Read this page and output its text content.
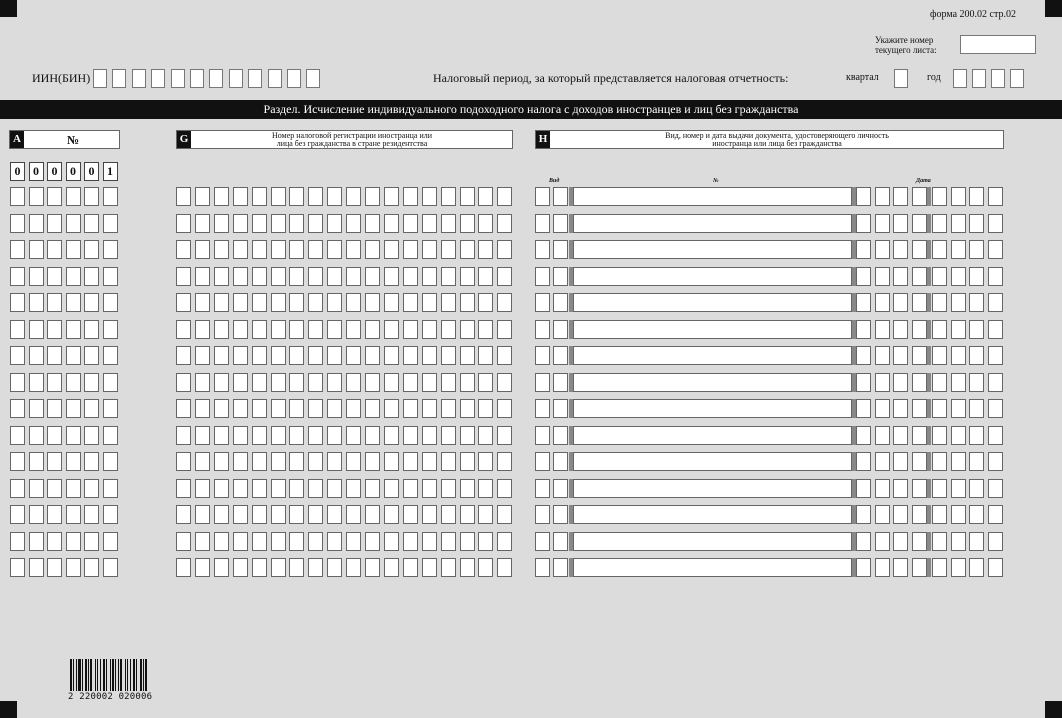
форма 200.02 стр.02
Укажите номер
текущего листа:
ИИН(БИН)	Налоговый период, за который представляется налоговая отчетность:	квартал	год
Раздел. Исчисление индивидуального подоходного налога с доходов иностранцев и лиц без гражданства
A	№	G	Номер налоговой регистрации иностранца или
лица без гражданства в стране резидентства	H	Вид, номер и дата выдачи документа, удостоверяющего личность
иностранца или лица без гражданства
Вид	№	Дата
0	0	0	0	0	1
2 220002 020006
